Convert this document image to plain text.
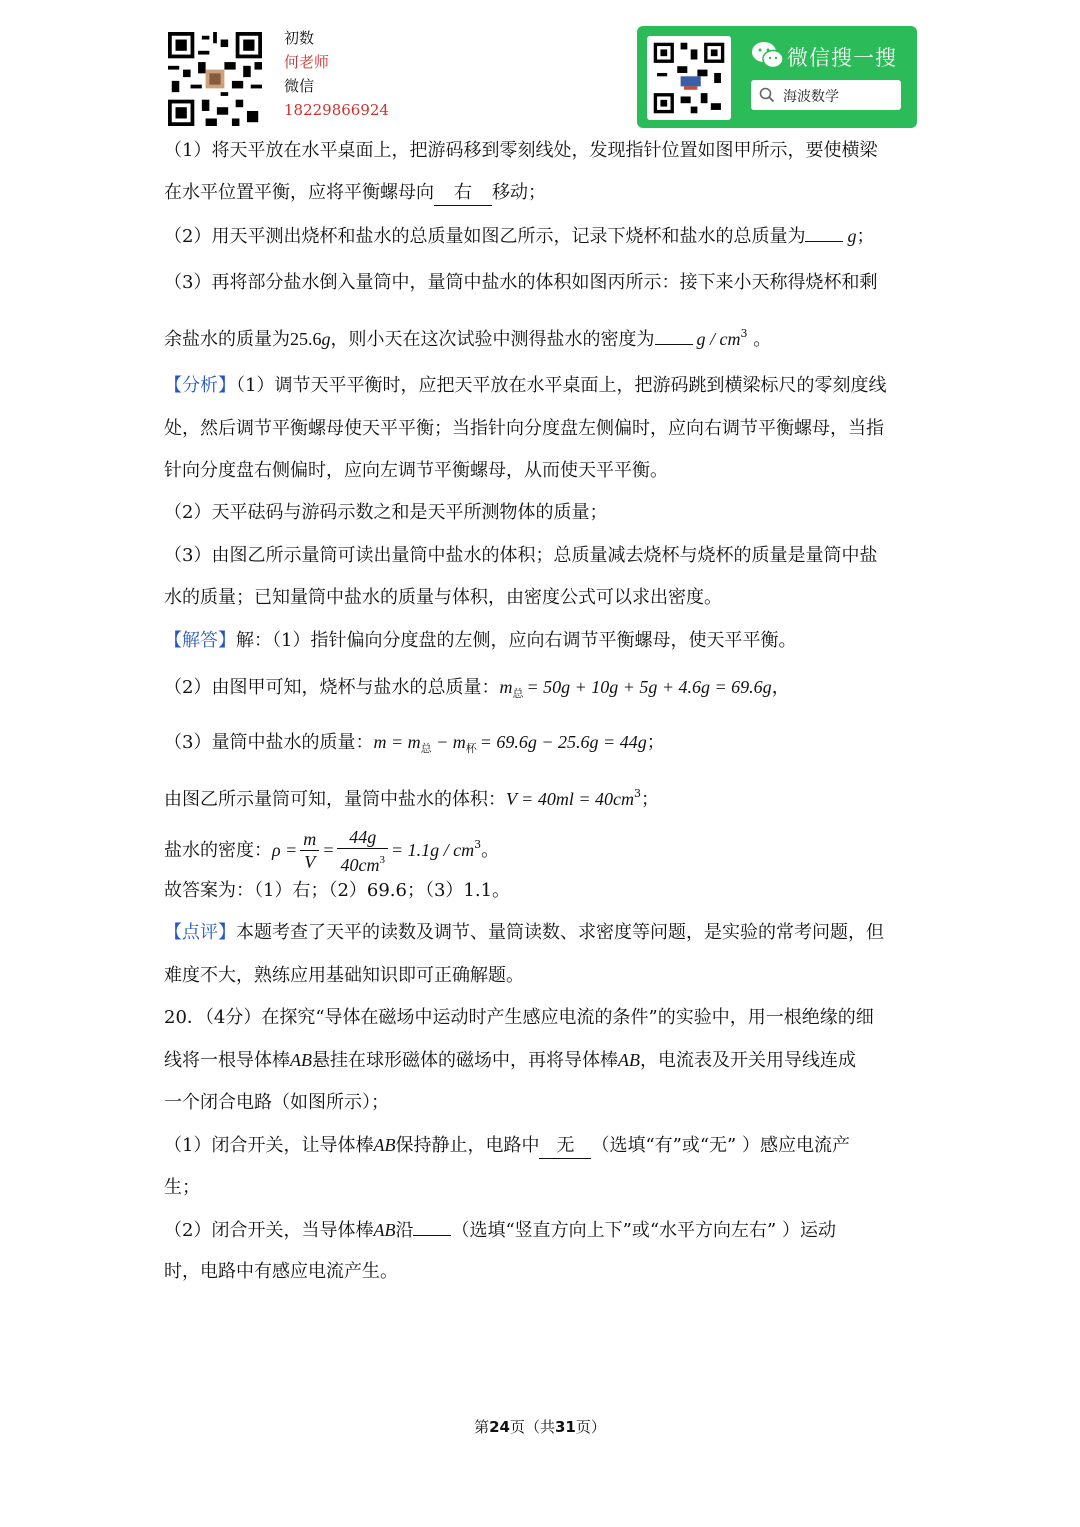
初数
何老师
微信
18229866924
微信搜一搜
海波数学
（1）将天平放在水平桌面上，把游码移到零刻线处，发现指针位置如图甲所示，要使横梁
在水平位置平衡，应将平衡螺母向 右 移动；
（2）用天平测出烧杯和盐水的总质量如图乙所示，记录下烧杯和盐水的总质量为 g；
（3）再将部分盐水倒入量筒中，量筒中盐水的体积如图丙所示：接下来小天称得烧杯和剩
余盐水的质量为25.6g，则小天在这次试验中测得盐水的密度为 g / $cm^3$ 。
【分析】（1）调节天平平衡时，应把天平放在水平桌面上，把游码跳到横梁标尺的零刻度线
处，然后调节平衡螺母使天平平衡；当指针向分度盘左侧偏时，应向右调节平衡螺母，当指
针向分度盘右侧偏时，应向左调节平衡螺母，从而使天平平衡。
（2）天平砝码与游码示数之和是天平所测物体的质量；
（3）由图乙所示量筒可读出量筒中盐水的体积；总质量减去烧杯与烧杯的质量是量筒中盐
水的质量；已知量筒中盐水的质量与体积，由密度公式可以求出密度。
【解答】解：（1）指针偏向分度盘的左侧，应向右调节平衡螺母，使天平平衡。
（2）由图甲可知，烧杯与盐水的总质量：$m_总 = 50g + 10g + 5g + 4.6g = 69.6g$，
（3）量筒中盐水的质量：$m = m_总 - m_杯 = 69.6g - 25.6g = 44g$；
由图乙所示量筒可知，量筒中盐水的体积：$V = 40ml = 40cm^3$；
盐水的密度：$\rho = \frac{m}{V} = \frac{44g}{40cm^3} = 1.1g / cm^3$。
故答案为：（1）右；（2）69.6；（3）1.1。
【点评】本题考查了天平的读数及调节、量筒读数、求密度等问题，是实验的常考问题，但
难度不大，熟练应用基础知识即可正确解题。
20．（4分）在探究“导体在磁场中运动时产生感应电流的条件”的实验中，用一根绝缘的细
线将一根导体棒AB悬挂在球形磁体的磁场中，再将导体棒AB，电流表及开关用导线连成
一个闭合电路（如图所示）；
（1）闭合开关，让导体棒AB保持静止，电路中 无 （选填“有”或“无” ）感应电流产
生；
（2）闭合开关，当导体棒AB沿 （选填“竖直方向上下”或“水平方向左右” ）运动
时，电路中有感应电流产生。
第24页（共31页）
